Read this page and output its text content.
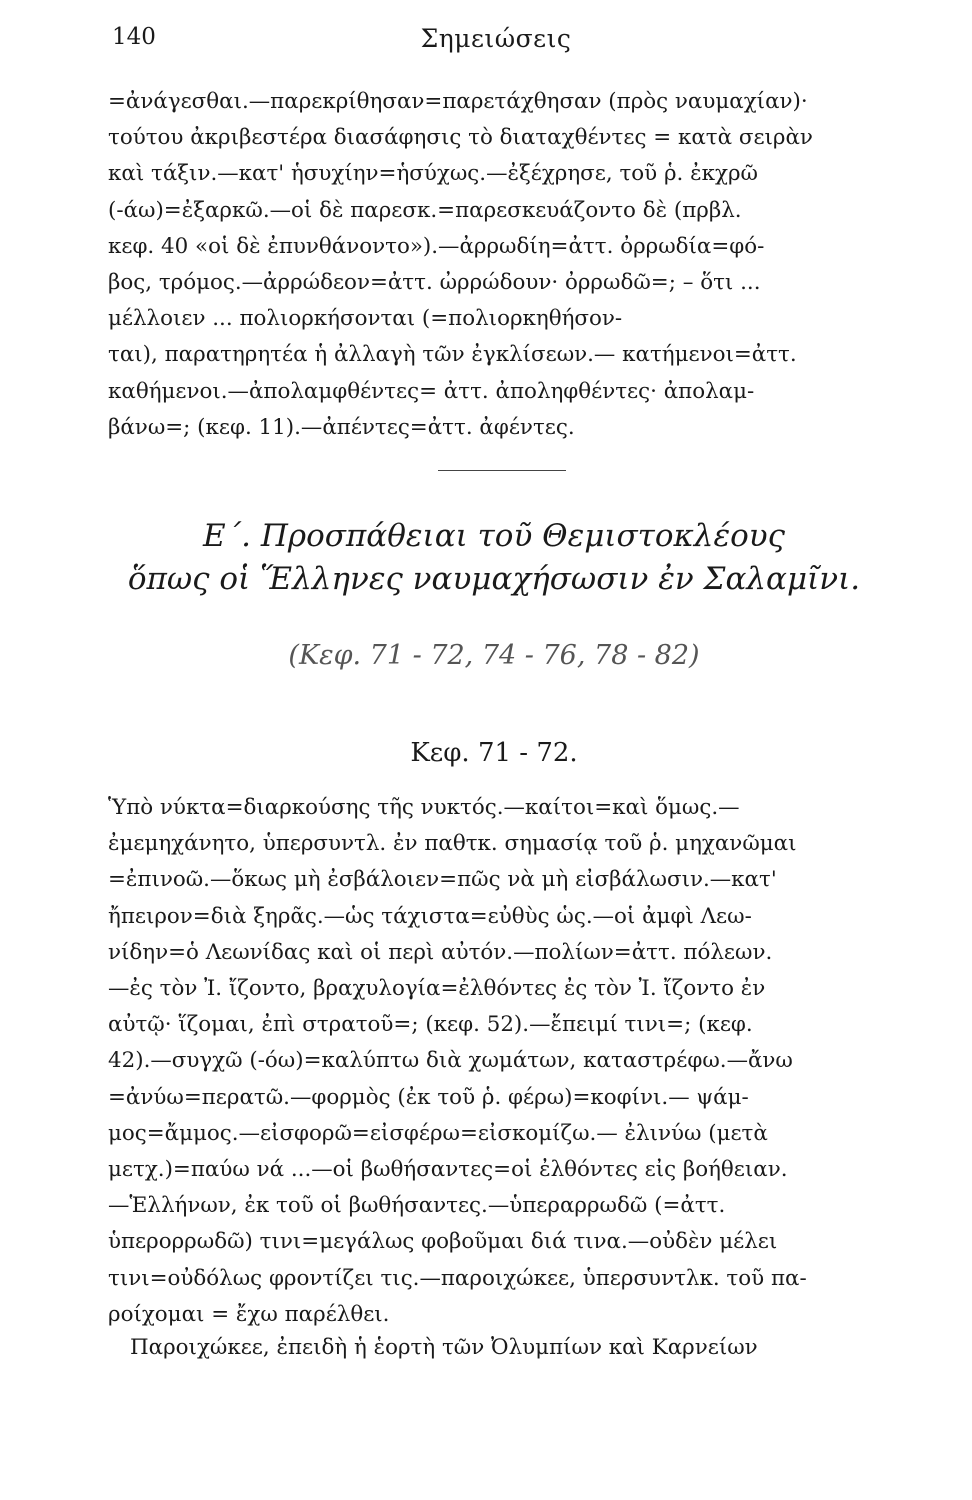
140	Σημειώσεις

=ἀνάγεσθαι.—παρεκρίθησαν=παρετάχθησαν (πρὸς ναυμαχίαν)·

τούτου ἀκριβεστέρα διασάφησις τὸ διαταχθέντες = κατὰ σειρὰν

καὶ τάξιν.—κατ' ἡσυχίην=ἡσύχως.—ἐξέχρησε, τοῦ ῥ. ἐκχρῶ

(-άω)=ἐξαρκῶ.—οἱ δὲ παρεσκ.=παρεσκευάζοντο δὲ (πρβλ.

κεφ. 40 «οἱ δὲ ἐπυνθάνοντο»).—ἀρρωδίη=ἀττ. ὀρρωδία=φό-

βος, τρόμος.—ἀρρώδεον=ἀττ. ὠρρώδουν· ὀρρωδῶ=; – ὅτι ...

μέλλοιεν ... πολιορκήσονται (=πολιορκηθήσον-

ται), παρατηρητέα ἡ ἀλλαγὴ τῶν ἐγκλίσεων.— κατήμενοι=ἀττ.

καθήμενοι.—ἀπολαμφθέντες= ἀττ. ἀποληφθέντες· ἀπολαμ-

βάνω=; (κεφ. 11).—ἀπέντες=ἀττ. ἀφέντες.

Ε΄. Προσπάθειαι τοῦ Θεμιστοκλέους
ὅπως οἱ Ἕλληνες ναυμαχήσωσιν ἐν Σαλαμῖνι.
(Κεφ. 71 - 72, 74 - 76, 78 - 82)
Κεφ. 71 - 72.

Ὑπὸ νύκτα=διαρκούσης τῆς νυκτός.—καίτοι=καὶ ὅμως.—

ἐμεμηχάνητο, ὑπερσυντλ. ἐν παθτκ. σημασίᾳ τοῦ ῥ. μηχανῶμαι

=ἐπινοῶ.—ὅκως μὴ ἐσβάλοιεν=πῶς νὰ μὴ εἰσβάλωσιν.—κατ'

ἤπειρον=διὰ ξηρᾶς.—ὡς τάχιστα=εὐθὺς ὡς.—οἱ ἀμφὶ Λεω-

νίδην=ὁ Λεωνίδας καὶ οἱ περὶ αὐτόν.—πολίων=ἀττ. πόλεων.

—ἐς τὸν Ἰ. ἴζοντο, βραχυλογία=ἐλθόντες ἐς τὸν Ἰ. ἴζοντο ἐν

αὐτῷ· ἵζομαι, ἐπὶ στρατοῦ=; (κεφ. 52).—ἔπειμί τινι=; (κεφ.

42).—συγχῶ (-όω)=καλύπτω διὰ χωμάτων, καταστρέφω.—ἄνω

=ἀνύω=περατῶ.—φορμὸς (ἐκ τοῦ ῥ. φέρω)=κοφίνι.— ψάμ-

μος=ἄμμος.—εἰσφορῶ=εἰσφέρω=εἰσκομίζω.— ἐλινύω (μετὰ

μετχ.)=παύω νά ...—οἱ βωθήσαντες=οἱ ἐλθόντες εἰς βοήθειαν.

—Ἑλλήνων, ἐκ τοῦ οἱ βωθήσαντες.—ὑπεραρρωδῶ (=ἀττ.

ὑπερορρωδῶ) τινι=μεγάλως φοβοῦμαι διά τινα.—οὐδὲν μέλει

τινι=οὐδόλως φροντίζει τις.—παροιχώκεε, ὑπερσυντλκ. τοῦ πα-

ροίχομαι = ἔχω παρέλθει.

Παροιχώκεε, ἐπειδὴ ἡ ἑορτὴ τῶν Ὀλυμπίων καὶ Καρνείων
